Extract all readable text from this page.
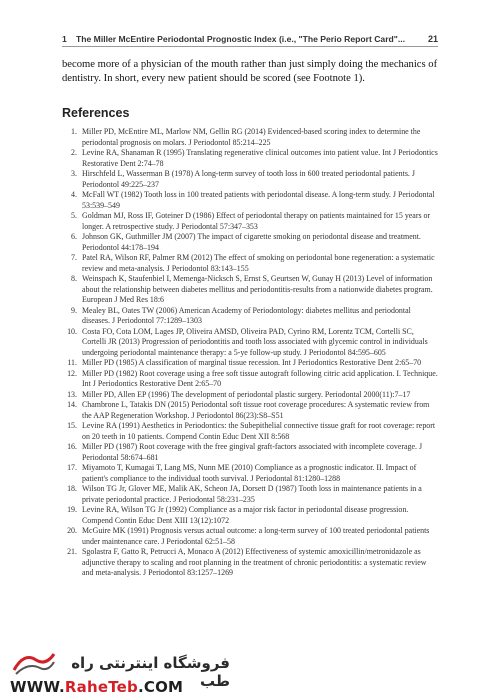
1 The Miller McEntire Periodontal Prognostic Index (i.e., "The Perio Report Card"...	21
become more of a physician of the mouth rather than just simply doing the mechanics of dentistry. In short, every new patient should be scored (see Footnote 1).
References
1. Miller PD, McEntire ML, Marlow NM, Gellin RG (2014) Evidenced-based scoring index to determine the periodontal prognosis on molars. J Periodontol 85:214–225
2. Levine RA, Shanaman R (1995) Translating regenerative clinical outcomes into patient value. Int J Periodontics Restorative Dent 2:74–78
3. Hirschfeld L, Wasserman B (1978) A long-term survey of tooth loss in 600 treated periodontal patients. J Periodontol 49:225–237
4. McFall WT (1982) Tooth loss in 100 treated patients with periodontal disease. A long-term study. J Periodontal 53:539–549
5. Goldman MJ, Ross IF, Goteiner D (1986) Effect of periodontal therapy on patients maintained for 15 years or longer. A retrospective study. J Periodontal 57:347–353
6. Johnson GK, Guthmiller JM (2007) The impact of cigarette smoking on periodontal disease and treatment. Periodontol 44:178–194
7. Patel RA, Wilson RF, Palmer RM (2012) The effect of smoking on periodontal bone regeneration: a systematic review and meta-analysis. J Periodontol 83:143–155
8. Weinspach K, Staufenbiel I, Memenga-Nicksch S, Ernst S, Geurtsen W, Gunay H (2013) Level of information about the relationship between diabetes mellitus and periodontitis-results from a nationwide diabetes program. European J Med Res 18:6
9. Mealey BL, Oates TW (2006) American Academy of Periodontology: diabetes mellitus and periodontal diseases. J Periodontol 77:1289–1303
10. Costa FO, Cota LOM, Lages JP, Oliveira AMSD, Oliveira PAD, Cyrino RM, Lorentz TCM, Cortelli SC, Cortelli JR (2013) Progression of periodontitis and tooth loss associated with glycemic control in individuals undergoing periodontal maintenance therapy: a 5-ye follow-up study. J Periodontol 84:595–605
11. Miller PD (1985) A classification of marginal tissue recession. Int J Periodontics Restorative Dent 2:65–70
12. Miller PD (1982) Root coverage using a free soft tissue autograft following citric acid application. I. Technique. Int J Periodontics Restorative Dent 2:65–70
13. Miller PD, Allen EP (1996) The development of periodontal plastic surgery. Periodontal 2000(11):7–17
14. Chambrone L, Tatakis DN (2015) Periodontal soft tissue root coverage procedures: A systematic review from the AAP Regeneration Workshop. J Periodontol 86(23):S8–S51
15. Levine RA (1991) Aesthetics in Periodontics: the Subepithelial connective tissue graft for root coverage: report on 20 teeth in 10 patients. Compend Contin Educ Dent XII 8:568
16. Miller PD (1987) Root coverage with the free gingival graft-factors associated with incomplete coverage. J Periodontal 58:674–681
17. Miyamoto T, Kumagai T, Lang MS, Nunn ME (2010) Compliance as a prognostic indicator. II. Impact of patient's compliance to the individual tooth survival. J Periodontal 81:1280–1288
18. Wilson TG Jr, Glover ME, Malik AK, Scheon JA, Dorsett D (1987) Tooth loss in maintenance patients in a private periodontal practice. J Periodontal 58:231–235
19. Levine RA, Wilson TG Jr (1992) Compliance as a major risk factor in periodontal disease progression. Compend Contin Educ Dent XIII 13(12):1072
20. McGuire MK (1991) Prognosis versus actual outcome: a long-term survey of 100 treated periodontal patients under maintenance care. J Periodontal 62:51–58
21. Sgolastra F, Gatto R, Petrucci A, Monaco A (2012) Effectiveness of systemic amoxicillin/metronidazole as adjunctive therapy to scaling and root planning in the treatment of chronic periodontitis: a systematic review and meta-analysis. J Periodontol 83:1257–1269
فروشگاه اینترنتی راه طب
WWW.RaheTeb.COM
